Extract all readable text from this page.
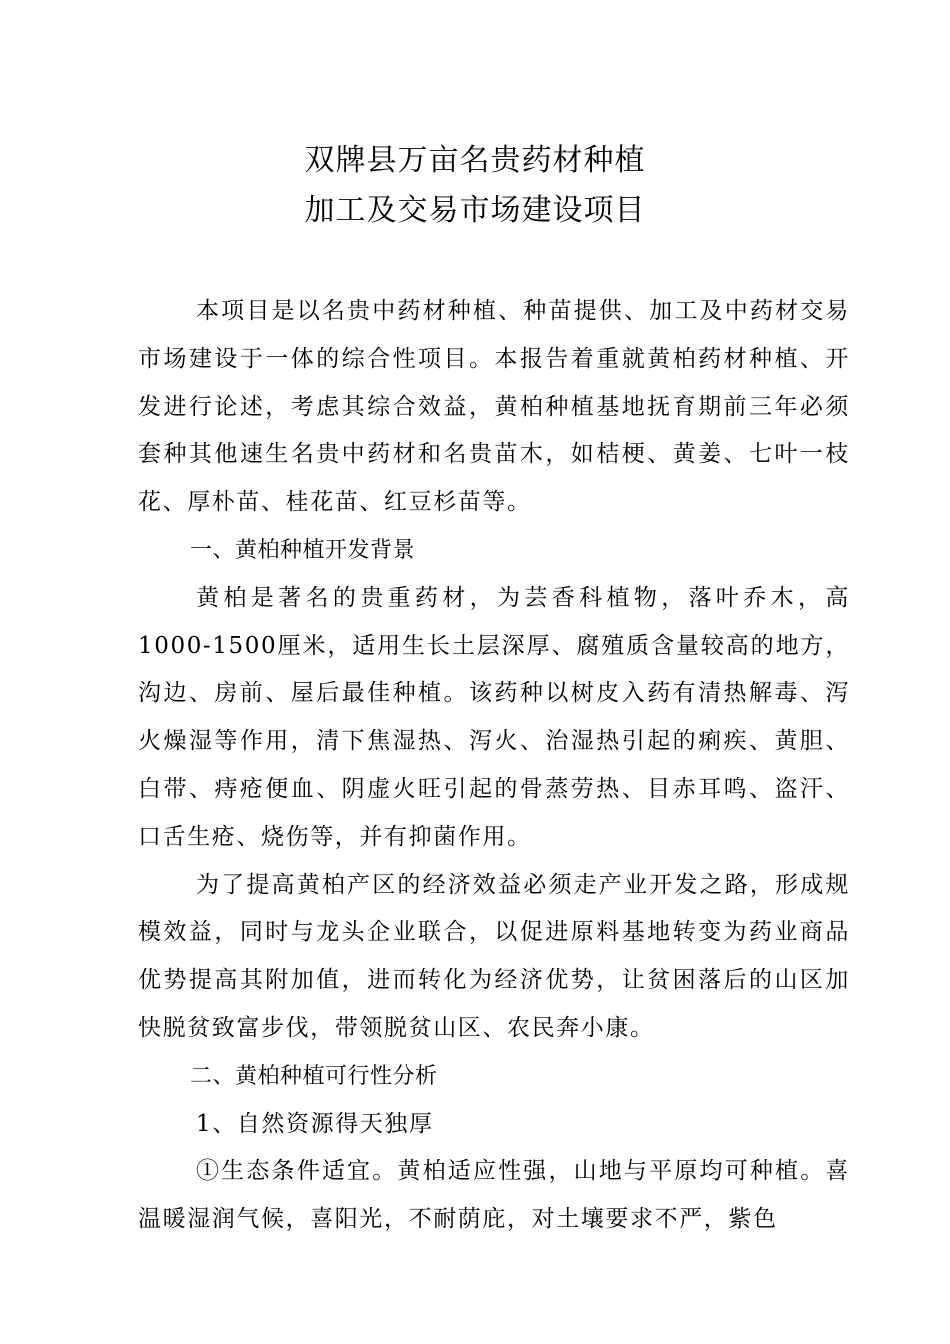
双牌县万亩名贵药材种植
加工及交易市场建设项目

本项目是以名贵中药材种植、种苗提供、加工及中药材交易市场建设于一体的综合性项目。本报告着重就黄柏药材种植、开发进行论述，考虑其综合效益，黄柏种植基地抚育期前三年必须套种其他速生名贵中药材和名贵苗木，如桔梗、黄姜、七叶一枝花、厚朴苗、桂花苗、红豆杉苗等。

一、黄柏种植开发背景

黄柏是著名的贵重药材，为芸香科植物，落叶乔木，高1000-1500厘米，适用生长土层深厚、腐殖质含量较高的地方，沟边、房前、屋后最佳种植。该药种以树皮入药有清热解毒、泻火燥湿等作用，清下焦湿热、泻火、治湿热引起的痢疾、黄胆、白带、痔疮便血、阴虚火旺引起的骨蒸劳热、目赤耳鸣、盗汗、口舌生疮、烧伤等，并有抑菌作用。

为了提高黄柏产区的经济效益必须走产业开发之路，形成规模效益，同时与龙头企业联合，以促进原料基地转变为药业商品优势提高其附加值，进而转化为经济优势，让贫困落后的山区加快脱贫致富步伐，带领脱贫山区、农民奔小康。

二、黄柏种植可行性分析

1、自然资源得天独厚

①生态条件适宜。黄柏适应性强，山地与平原均可种植。喜温暖湿润气候，喜阳光，不耐荫庇，对土壤要求不严，紫色
